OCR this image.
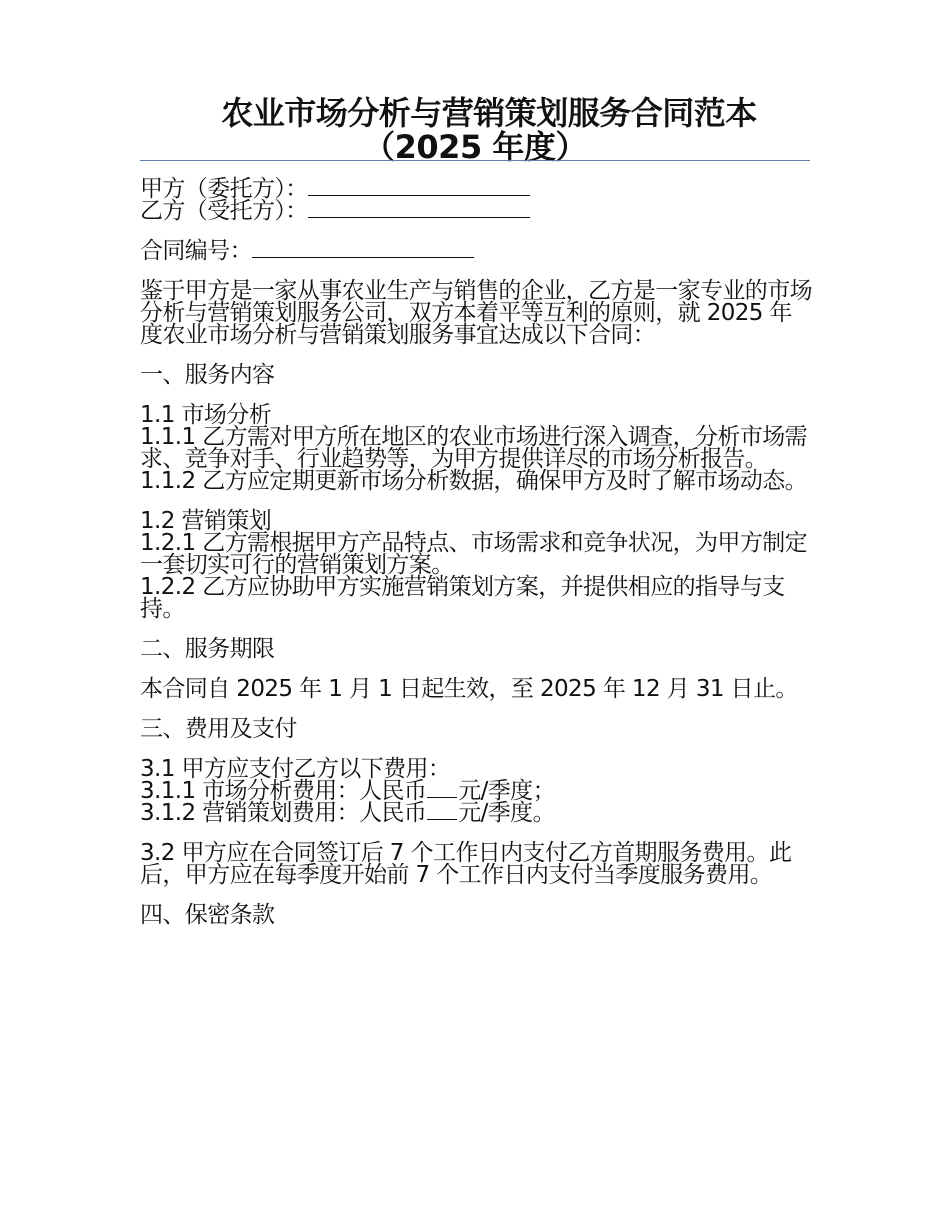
农业市场分析与营销策划服务合同范本
（2025 年度）

甲方（委托方）：

乙方（受托方）：

合同编号：

鉴于甲方是一家从事农业生产与销售的企业，乙方是一家专业的市场分析与营销策划服务公司，双方本着平等互利的原则，就 2025 年度农业市场分析与营销策划服务事宜达成以下合同：

一、服务内容

1.1 市场分析

1.1.1 乙方需对甲方所在地区的农业市场进行深入调查，分析市场需求、竞争对手、行业趋势等，为甲方提供详尽的市场分析报告。

1.1.2 乙方应定期更新市场分析数据，确保甲方及时了解市场动态。

1.2 营销策划

1.2.1 乙方需根据甲方产品特点、市场需求和竞争状况，为甲方制定一套切实可行的营销策划方案。

1.2.2 乙方应协助甲方实施营销策划方案，并提供相应的指导与支持。

二、服务期限

本合同自 2025 年 1 月 1 日起生效，至 2025 年 12 月 31 日止。

三、费用及支付

3.1 甲方应支付乙方以下费用：

3.1.1 市场分析费用：人民币 元/季度；

3.1.2 营销策划费用：人民币 元/季度。

3.2 甲方应在合同签订后 7 个工作日内支付乙方首期服务费用。此后，甲方应在每季度开始前 7 个工作日内支付当季度服务费用。

四、保密条款
